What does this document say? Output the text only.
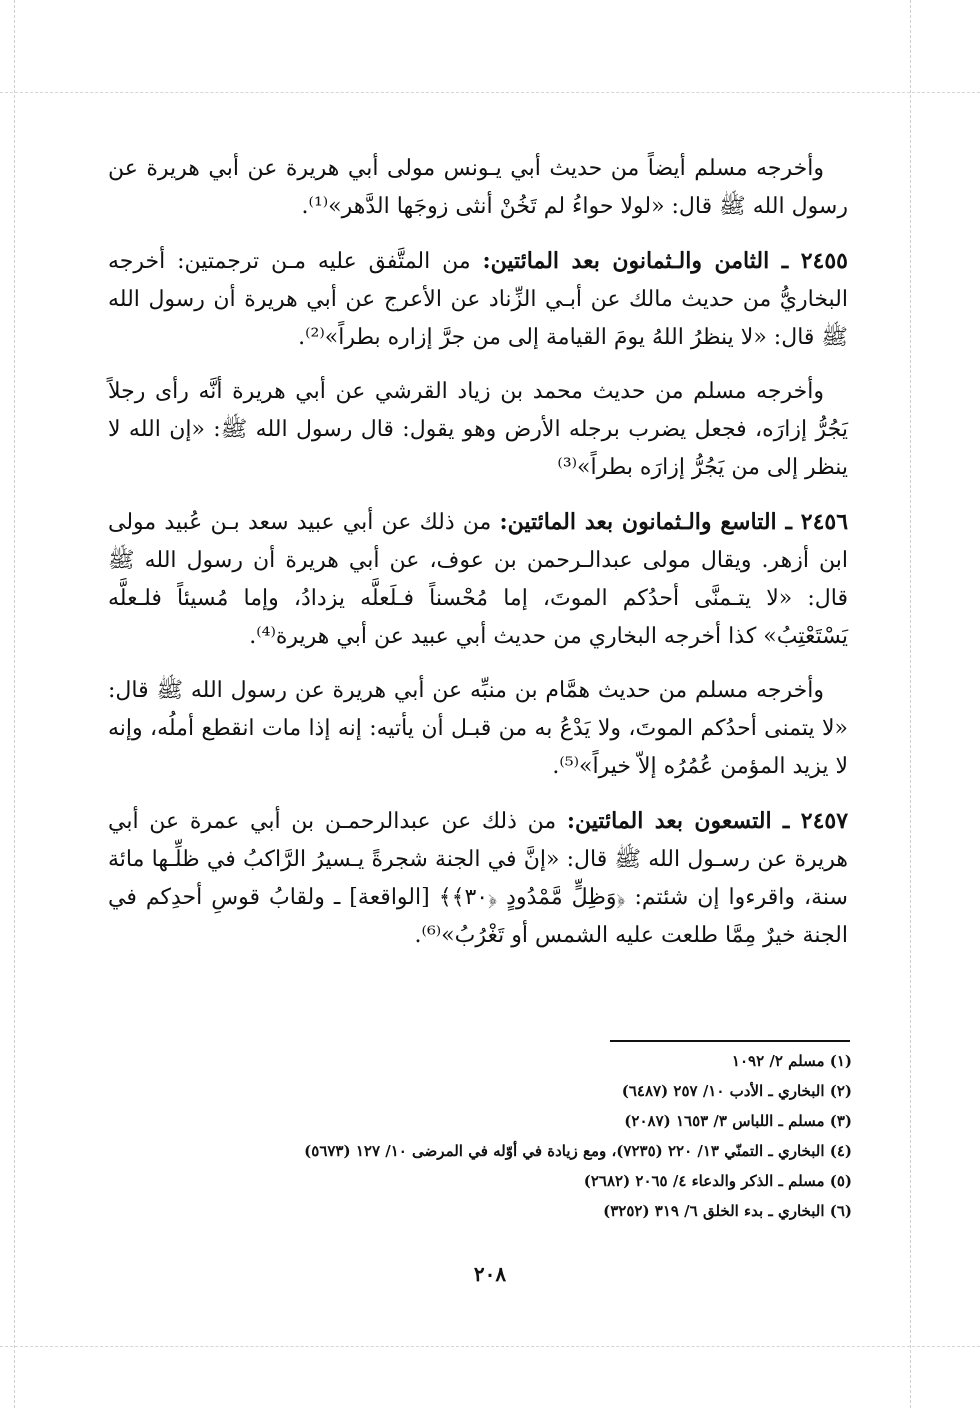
وأخرجه مسلم أيضاً من حديث أبي يـونس مولى أبي هريرة عن أبي هريرة عن رسول الله ﷺ قال: «لولا حواءُ لم تَخُنْ أنثى زوجَها الدَّهر»⁽¹⁾.

٢٤٥٥ ـ الثامن والـثمانون بعد المائتين: من المتَّفق عليه مـن ترجمتين: أخرجه البخاريُّ من حديث مالك عن أبـي الزِّناد عن الأعرج عن أبي هريرة أن رسول الله ﷺ قال: «لا ينظرُ اللهُ يومَ القيامة إلى من جرَّ إزاره بطراً»⁽²⁾.

وأخرجه مسلم من حديث محمد بن زياد القرشي عن أبي هريرة أنَّه رأى رجلاً يَجُرُّ إزارَه، فجعل يضرب برجله الأرض وهو يقول: قال رسول الله ﷺ: «إن الله لا ينظر إلى من يَجُرُّ إزارَه بطراً»⁽³⁾

٢٤٥٦ ـ التاسع والـثمانون بعد المائتين: من ذلك عن أبي عبيد سعد بـن عُبيد مولى ابن أزهر. ويقال مولى عبدالـرحمن بن عوف، عن أبي هريرة أن رسول الله ﷺ قال: «لا يتـمنَّى أحدُكم الموتَ، إما مُحْسناً فـلَعلَّه يزدادُ، وإما مُسيئاً فلـعلَّه يَسْتَعْتِبُ» كذا أخرجه البخاري من حديث أبي عبيد عن أبي هريرة⁽⁴⁾.

وأخرجه مسلم من حديث همَّام بن منبِّه عن أبي هريرة عن رسول الله ﷺ قال: «لا يتمنى أحدُكم الموتَ، ولا يَدْعُ به من قبـل أن يأتيه: إنه إذا مات انقطع أملُه، وإنه لا يزيد المؤمن عُمُرُه إلاّ خيراً»⁽⁵⁾.

٢٤٥٧ ـ التسعون بعد المائتين: من ذلك عن عبدالرحمـن بن أبي عمرة عن أبي هريرة عن رسـول الله ﷺ قال: «إنَّ في الجنة شجرةً يـسيرُ الرَّاكبُ في ظلِّـها مائة سنة، واقرءوا إن شئتم: ﴿وَظِلٍّ مَّمْدُودٍ ﴿٣٠﴾﴾ [الواقعة] ـ ولقابُ قوسِ أحدِكم في الجنة خيرٌ مِمَّا طلعت عليه الشمس أو تَغْرُبُ»⁽⁶⁾.

(١) مسلم ٢/ ١٠٩٢
(٢) البخاري ـ الأدب ١٠/ ٢٥٧ (٦٤٨٧)
(٣) مسلم ـ اللباس ٣/ ١٦٥٣ (٢٠٨٧)
(٤) البخاري ـ التمنّي ١٣/ ٢٢٠ (٧٢٣٥)، ومع زيادة في أوّله في المرضى ١٠/ ١٢٧ (٥٦٧٣)
(٥) مسلم ـ الذكر والدعاء ٤/ ٢٠٦٥ (٢٦٨٢)
(٦) البخاري ـ بدء الخلق ٦/ ٣١٩ (٣٢٥٢)
٢٠٨
